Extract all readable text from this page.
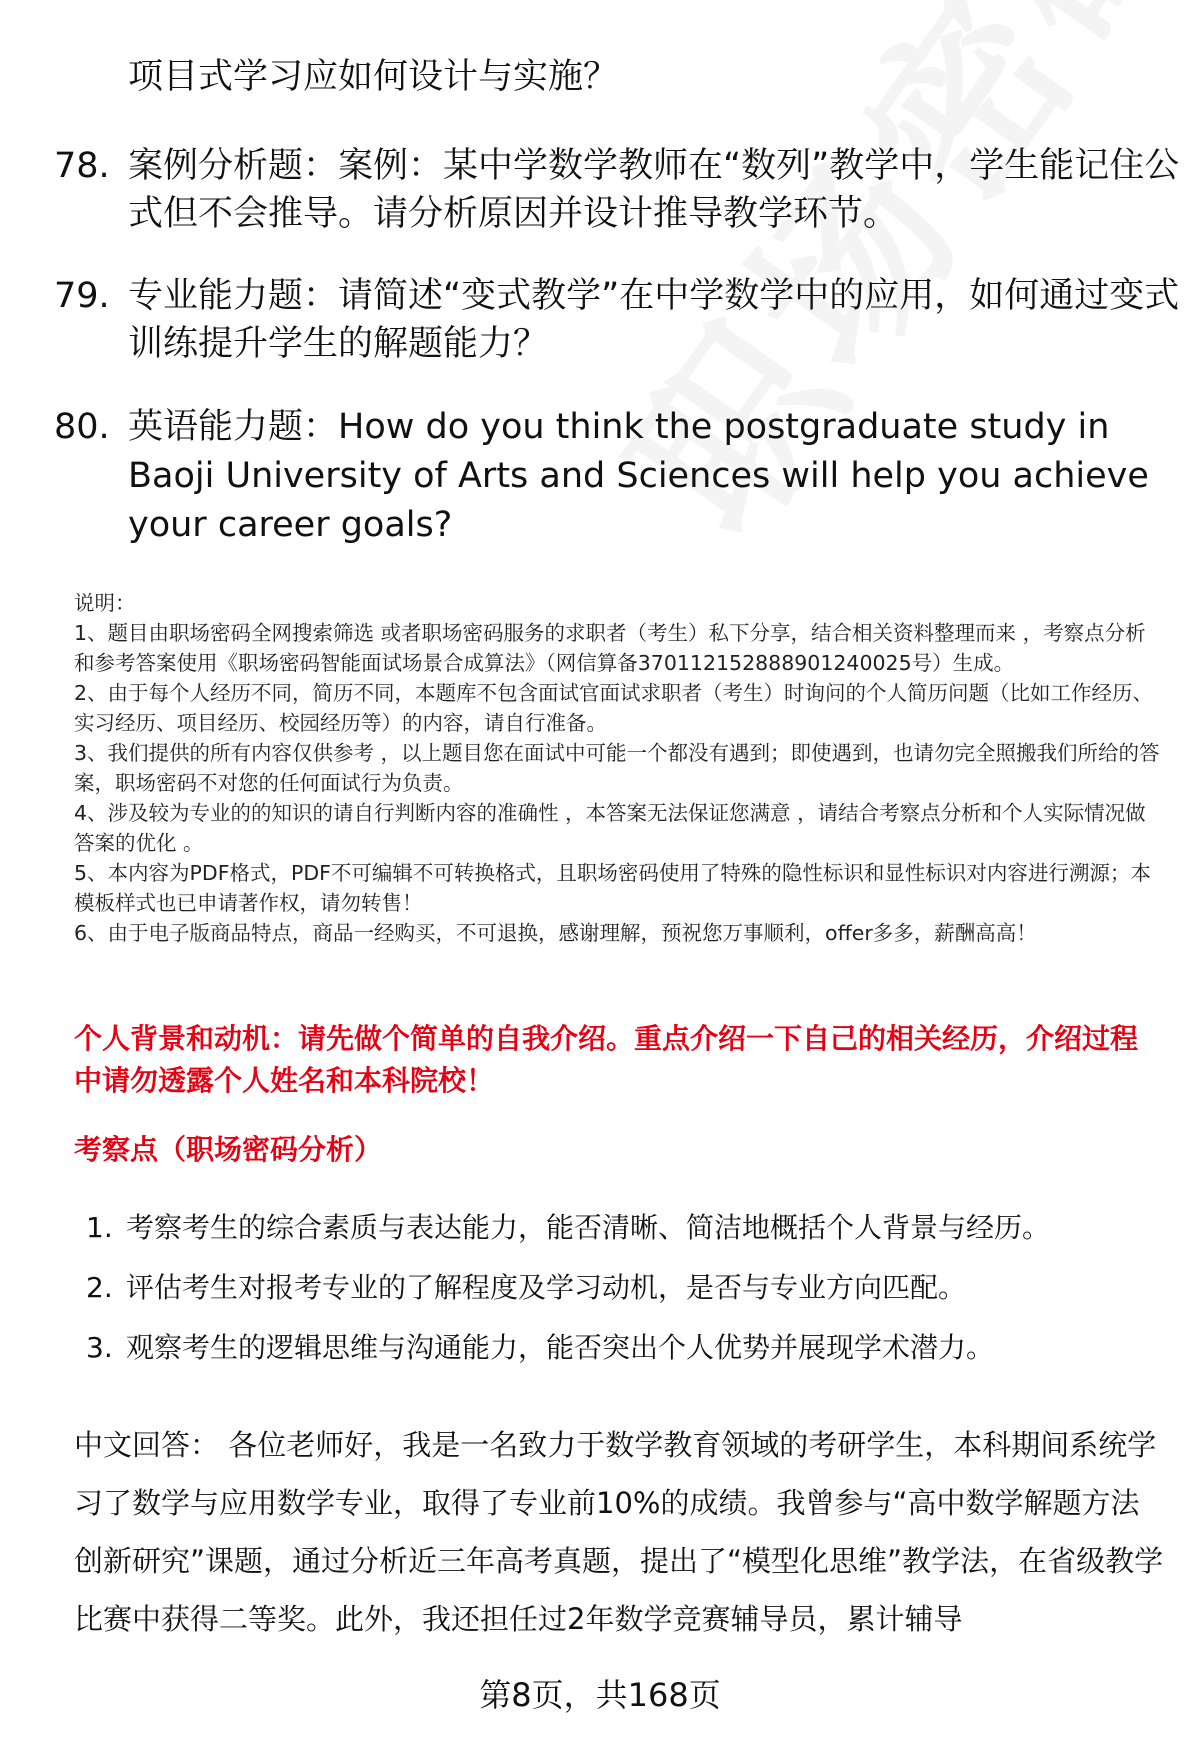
项目式学习应如何设计与实施？
78. 案例分析题：案例：某中学数学教师在“数列”教学中，学生能记住公式但不会推导。请分析原因并设计推导教学环节。
79. 专业能力题：请简述“变式教学”在中学数学中的应用，如何通过变式训练提升学生的解题能力？
80. 英语能力题：How do you think the postgraduate study in Baoji University of Arts and Sciences will help you achieve your career goals?
说明：
1、题目由职场密码全网搜索筛选 或者职场密码服务的求职者（考生）私下分享，结合相关资料整理而来 ，考察点分析和参考答案使用《职场密码智能面试场景合成算法》（网信算备370112152888901240025号）生成。
2、由于每个人经历不同，简历不同，本题库不包含面试官面试求职者（考生）时询问的个人简历问题（比如工作经历、实习经历、项目经历、校园经历等）的内容，请自行准备。
3、我们提供的所有内容仅供参考 ，以上题目您在面试中可能一个都没有遇到；即使遇到，也请勿完全照搬我们所给的答案，职场密码不对您的任何面试行为负责。
4、涉及较为专业的的知识的请自行判断内容的准确性 ，本答案无法保证您满意 ，请结合考察点分析和个人实际情况做答案的优化 。
5、本内容为PDF格式，PDF不可编辑不可转换格式，且职场密码使用了特殊的隐性标识和显性标识对内容进行溯源；本模板样式也已申请著作权，请勿转售！
6、由于电子版商品特点，商品一经购买，不可退换，感谢理解，预祝您万事顺利，offer多多，薪酬高高！
个人背景和动机：请先做个简单的自我介绍。重点介绍一下自己的相关经历，介绍过程中请勿透露个人姓名和本科院校！
考察点（职场密码分析）
1. 考察考生的综合素质与表达能力，能否清晰、简洁地概括个人背景与经历。
2. 评估考生对报考专业的了解程度及学习动机，是否与专业方向匹配。
3. 观察考生的逻辑思维与沟通能力，能否突出个人优势并展现学术潜力。
中文回答： 各位老师好，我是一名致力于数学教育领域的考研学生，本科期间系统学习了数学与应用数学专业，取得了专业前10%的成绩。我曾参与“高中数学解题方法创新研究”课题，通过分析近三年高考真题，提出了“模型化思维”教学法，在省级教学比赛中获得二等奖。此外，我还担任过2年数学竞赛辅导员，累计辅导
第8页，共168页
